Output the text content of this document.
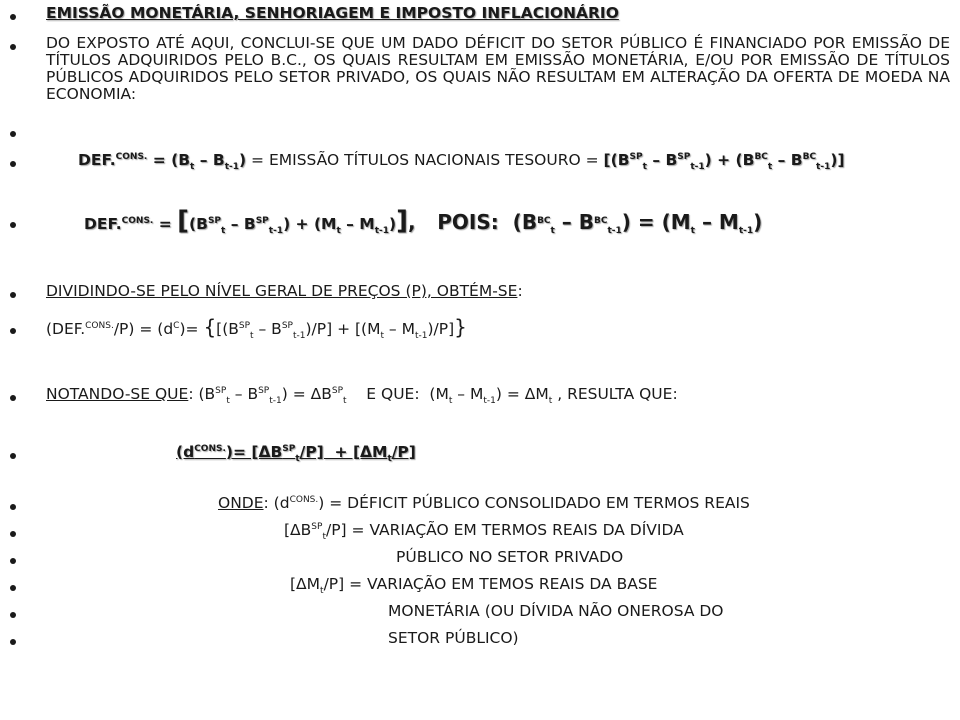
EMISSÃO MONETÁRIA, SENHORIAGEM E IMPOSTO INFLACIONÁRIO
DO EXPOSTO ATÉ AQUI, CONCLUI-SE QUE UM DADO DÉFICIT DO SETOR PÚBLICO É FINANCIADO POR EMISSÃO DE TÍTULOS ADQUIRIDOS PELO B.C., OS QUAIS RESULTAM EM EMISSÃO MONETÁRIA, E/OU POR EMISSÃO DE TÍTULOS PÚBLICOS ADQUIRIDOS PELO SETOR PRIVADO, OS QUAIS NÃO RESULTAM EM ALTERAÇÃO DA OFERTA DE MOEDA NA ECONOMIA:
$DEF.^{CONS.} = (B_t - B_{t-1})$ = EMISSÃO TÍTULOS NACIONAIS TESOURO = $[(B^{SP}_t - B^{SP}_{t-1}) + (B^{BC}_t - B^{BC}_{t-1})]$
$DEF.^{CONS.} = [(B^{SP}_t - B^{SP}_{t-1}) + (M_t - M_{t-1})]$, POIS:  $(B^{BC}_t - B^{BC}_{t-1}) = (M_t - M_{t-1})$
DIVIDINDO-SE PELO NÍVEL GERAL DE PREÇOS (P), OBTÉM-SE:
$(DEF.^{CONS.}/P) = (d^C)= \{[(B^{SP}_t - B^{SP}_{t-1})/P] + [(M_t - M_{t-1})/P]\}$
NOTANDO-SE QUE: $(B^{SP}_t - B^{SP}_{t-1}) = \Delta B^{SP}_t$ E QUE:  $(M_t - M_{t-1}) = \Delta M_t$ , RESULTA QUE:
$(d^{CONS.})= [\Delta B^{SP}_t/P] + [\Delta M_t/P]$
ONDE: $(d^{CONS.})$ = DÉFICIT PÚBLICO CONSOLIDADO EM TERMOS REAIS
$[\Delta B^{SP}_t/P]$ = VARIAÇÃO EM TERMOS REAIS DA DÍVIDA
PÚBLICO NO SETOR PRIVADO
$[\Delta M_t/P]$ = VARIAÇÃO EM TEMOS REAIS DA BASE
MONETÁRIA (OU DÍVIDA NÃO ONEROSA DO
SETOR PÚBLICO)
